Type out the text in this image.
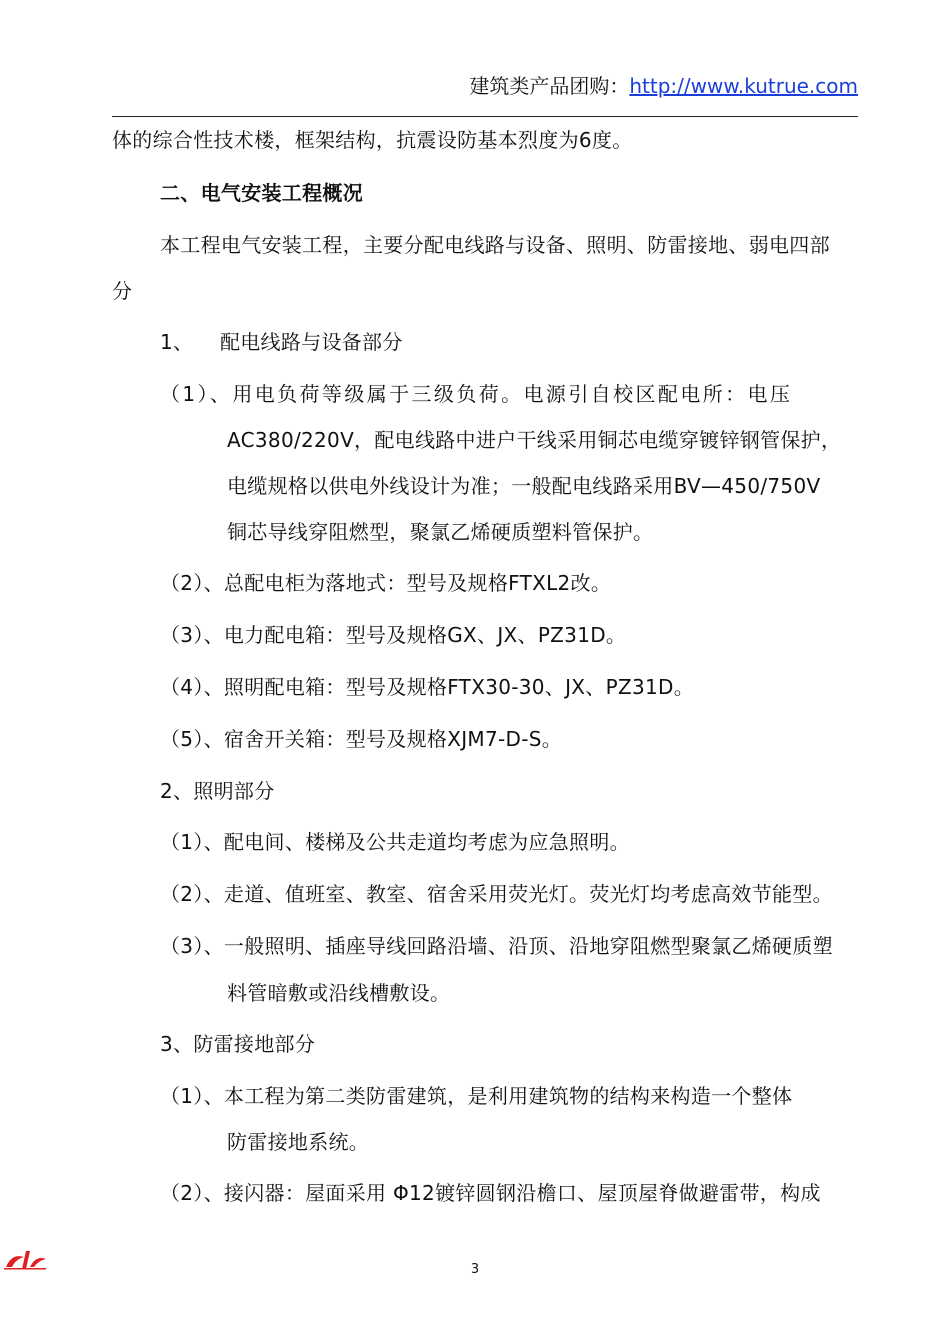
建筑类产品团购：http://www.kutrue.com
体的综合性技术楼，框架结构，抗震设防基本烈度为6度。
二、电气安装工程概况
本工程电气安装工程，主要分配电线路与设备、照明、防雷接地、弱电四部
分
1、    配电线路与设备部分
（1）、用电负荷等级属于三级负荷。电源引自校区配电所：电压
AC380/220V，配电线路中进户干线采用铜芯电缆穿镀锌钢管保护，
电缆规格以供电外线设计为准；一般配电线路采用BV—450/750V
铜芯导线穿阻燃型，聚氯乙烯硬质塑料管保护。
（2）、总配电柜为落地式：型号及规格FTXL2改。
（3）、电力配电箱：型号及规格GX、JX、PZ31D。
（4）、照明配电箱：型号及规格FTX30-30、JX、PZ31D。
（5）、宿舍开关箱：型号及规格XJM7-D-S。
2、照明部分
（1）、配电间、楼梯及公共走道均考虑为应急照明。
（2）、走道、值班室、教室、宿舍采用荧光灯。荧光灯均考虑高效节能型。
（3）、一般照明、插座导线回路沿墙、沿顶、沿地穿阻燃型聚氯乙烯硬质塑
料管暗敷或沿线槽敷设。
3、防雷接地部分
（1）、本工程为第二类防雷建筑，是利用建筑物的结构来构造一个整体
防雷接地系统。
（2）、接闪器：屋面采用 Φ12镀锌圆钢沿檐口、屋顶屋脊做避雷带，构成
3
